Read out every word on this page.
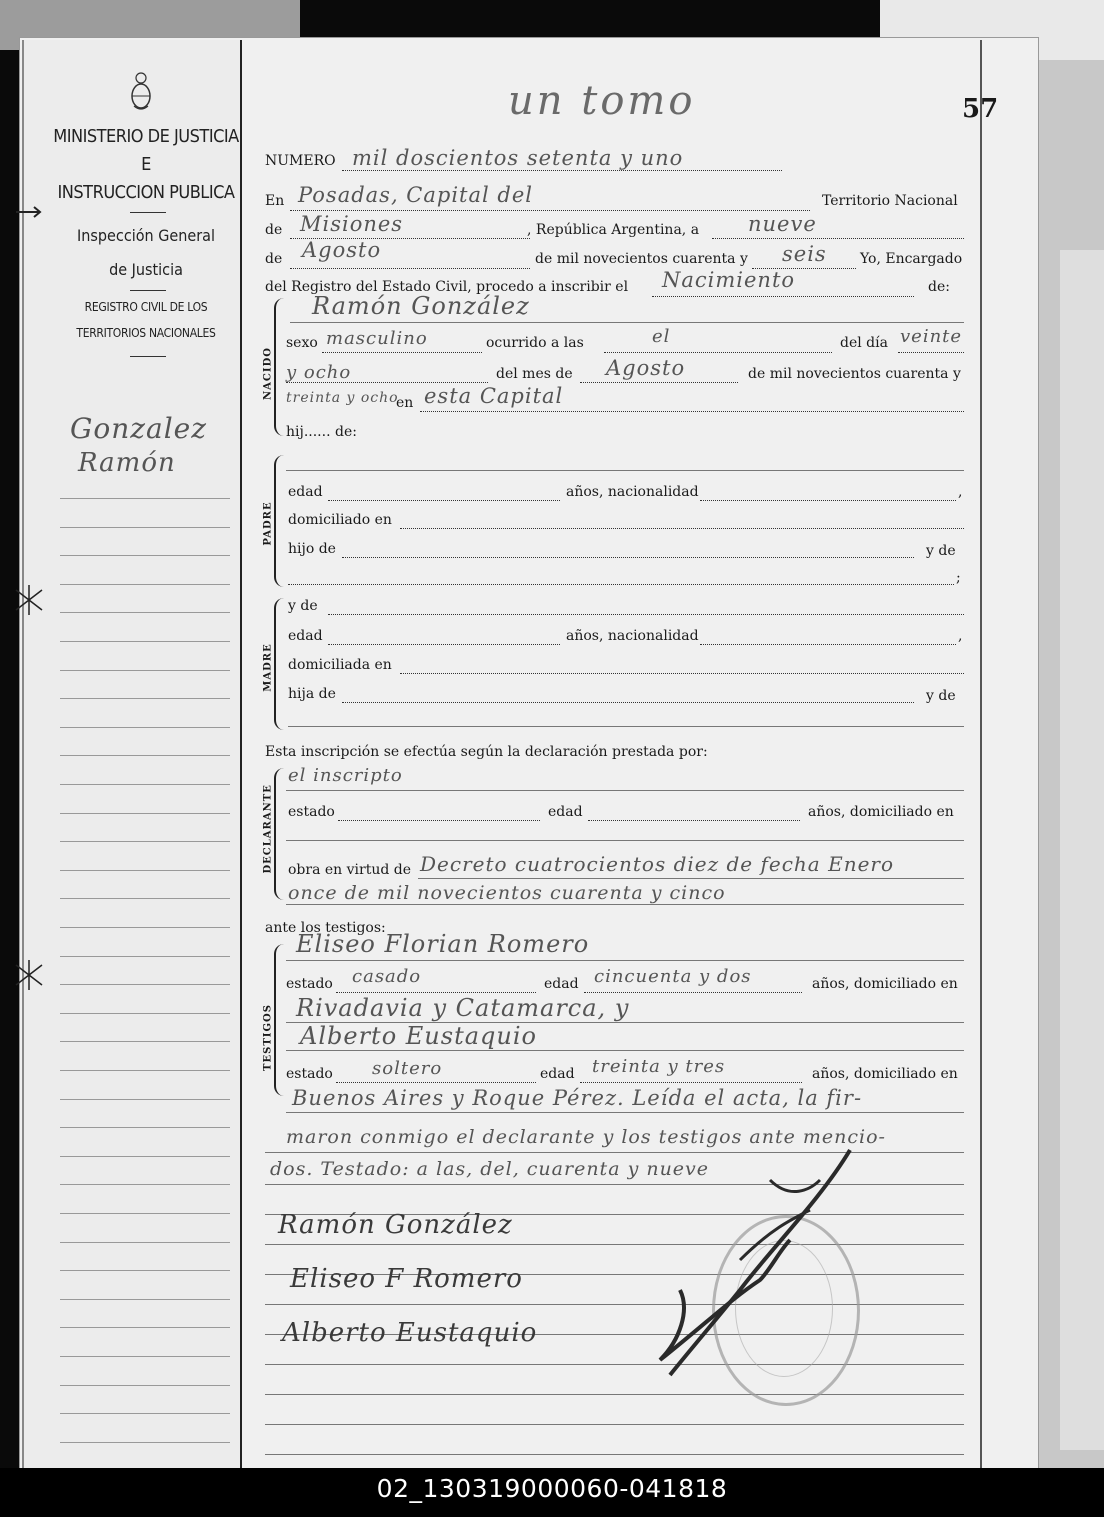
MINISTERIO DE JUSTICIA
E
INSTRUCCION PUBLICA
Inspección General
de Justicia
REGISTRO CIVIL DE LOS
TERRITORIOS NACIONALES
Gonzalez
Ramón
un tomo	57
NUMERO mil doscientos setenta y uno
En Posadas, Capital del	Territorio Nacional
de Misiones	, República Argentina, a nueve
de Agosto	de mil novecientos cuarenta y seis Yo, Encargado
del Registro del Estado Civil, procedo a inscribir el Nacimiento	de:
Ramón González
NACIDO
sexo masculino	ocurrido a las	el	del día veinte
y ocho	del mes de Agosto	de mil novecientos cuarenta y
treinta y ocho
en esta Capital
hij...... de:
PADRE
edad	años, nacionalidad	,
domiciliado en
hijo de	y de
;
MADRE
y de
edad	años, nacionalidad	,
domiciliada en
hija de	y de
Esta inscripción se efectúa según la declaración prestada por:
DECLARANTE
el inscripto
estado	edad	años, domiciliado en
obra en virtud de Decreto cuatrocientos diez de fecha Enero
once de mil novecientos cuarenta y cinco
ante los testigos:
TESTIGOS
Eliseo Florian Romero
estado casado	edad cincuenta y dos	años, domiciliado en
Rivadavia y Catamarca, y
Alberto Eustaquio
estado soltero	edad treinta y tres	años, domiciliado en
Buenos Aires y Roque Pérez. Leída el acta, la fir-
maron conmigo el declarante y los testigos ante mencio-
dos. Testado: a las, del, cuarenta y nueve
Ramón González
Eliseo F Romero
Alberto Eustaquio
02_130319000060-041818
